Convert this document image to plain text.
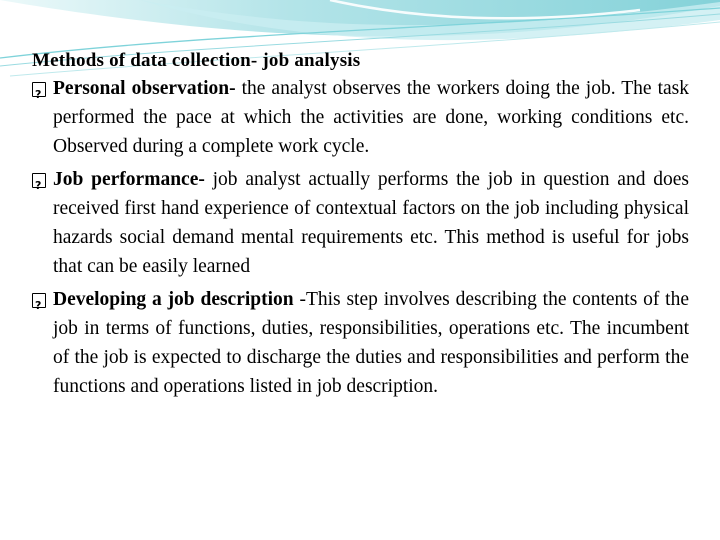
Methods of data collection- job analysis

?
Personal observation- the analyst observes the workers doing the job. The task performed the pace at which the activities are done, working conditions etc. Observed during a complete work cycle.

?
Job performance- job analyst actually performs the job in question and does received first hand experience of contextual factors on the job including physical hazards social demand mental requirements etc. This method is useful for jobs that can be easily learned

?
Developing a job description -This step involves describing the contents of the job in terms of functions, duties, responsibilities, operations etc. The incumbent of the job is expected to discharge the duties and responsibilities and perform the functions and operations listed in job description.
